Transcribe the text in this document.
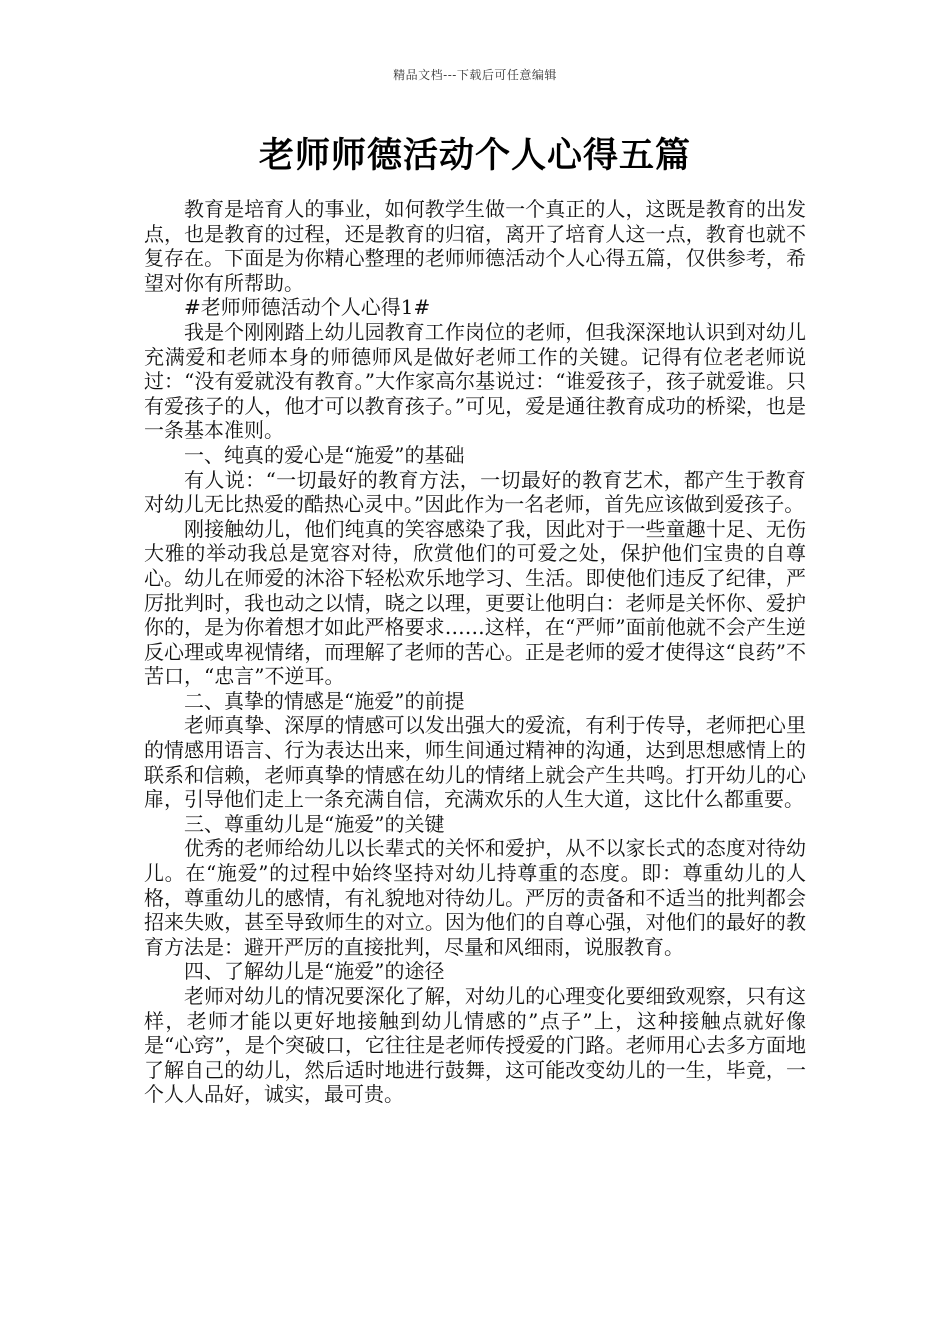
精品文档---下载后可任意编辑
老师师德活动个人心得五篇

教育是培育人的事业，如何教学生做一个真正的人，这既是教育的出发点，也是教育的过程，还是教育的归宿，离开了培育人这一点，教育也就不复存在。下面是为你精心整理的老师师德活动个人心得五篇，仅供参考，希望对你有所帮助。

#老师师德活动个人心得1#

我是个刚刚踏上幼儿园教育工作岗位的老师，但我深深地认识到对幼儿充满爱和老师本身的师德师风是做好老师工作的关键。记得有位老老师说过：“没有爱就没有教育。”大作家高尔基说过：“谁爱孩子，孩子就爱谁。只有爱孩子的人，他才可以教育孩子。”可见，爱是通往教育成功的桥梁，也是一条基本准则。

一、纯真的爱心是“施爱”的基础

有人说：“一切最好的教育方法，一切最好的教育艺术，都产生于教育对幼儿无比热爱的酷热心灵中。”因此作为一名老师，首先应该做到爱孩子。

刚接触幼儿，他们纯真的笑容感染了我，因此对于一些童趣十足、无伤大雅的举动我总是宽容对待，欣赏他们的可爱之处，保护他们宝贵的自尊心。幼儿在师爱的沐浴下轻松欢乐地学习、生活。即使他们违反了纪律，严厉批判时，我也动之以情，晓之以理，更要让他明白：老师是关怀你、爱护你的，是为你着想才如此严格要求……这样，在“严师”面前他就不会产生逆反心理或卑视情绪，而理解了老师的苦心。正是老师的爱才使得这“良药”不苦口，“忠言”不逆耳。

二、真挚的情感是“施爱”的前提

老师真挚、深厚的情感可以发出强大的爱流，有利于传导，老师把心里的情感用语言、行为表达出来，师生间通过精神的沟通，达到思想感情上的联系和信赖，老师真挚的情感在幼儿的情绪上就会产生共鸣。打开幼儿的心扉，引导他们走上一条充满自信，充满欢乐的人生大道，这比什么都重要。

三、尊重幼儿是“施爱”的关键

优秀的老师给幼儿以长辈式的关怀和爱护，从不以家长式的态度对待幼儿。在“施爱”的过程中始终坚持对幼儿持尊重的态度。即：尊重幼儿的人格，尊重幼儿的感情，有礼貌地对待幼儿。严厉的责备和不适当的批判都会招来失败，甚至导致师生的对立。因为他们的自尊心强，对他们的最好的教育方法是：避开严厉的直接批判，尽量和风细雨，说服教育。

四、了解幼儿是“施爱”的途径

老师对幼儿的情况要深化了解，对幼儿的心理变化要细致观察，只有这样，老师才能以更好地接触到幼儿情感的”点子”上，这种接触点就好像是“心窍”，是个突破口，它往往是老师传授爱的门路。老师用心去多方面地了解自己的幼儿，然后适时地进行鼓舞，这可能改变幼儿的一生，毕竟，一个人人品好，诚实，最可贵。
